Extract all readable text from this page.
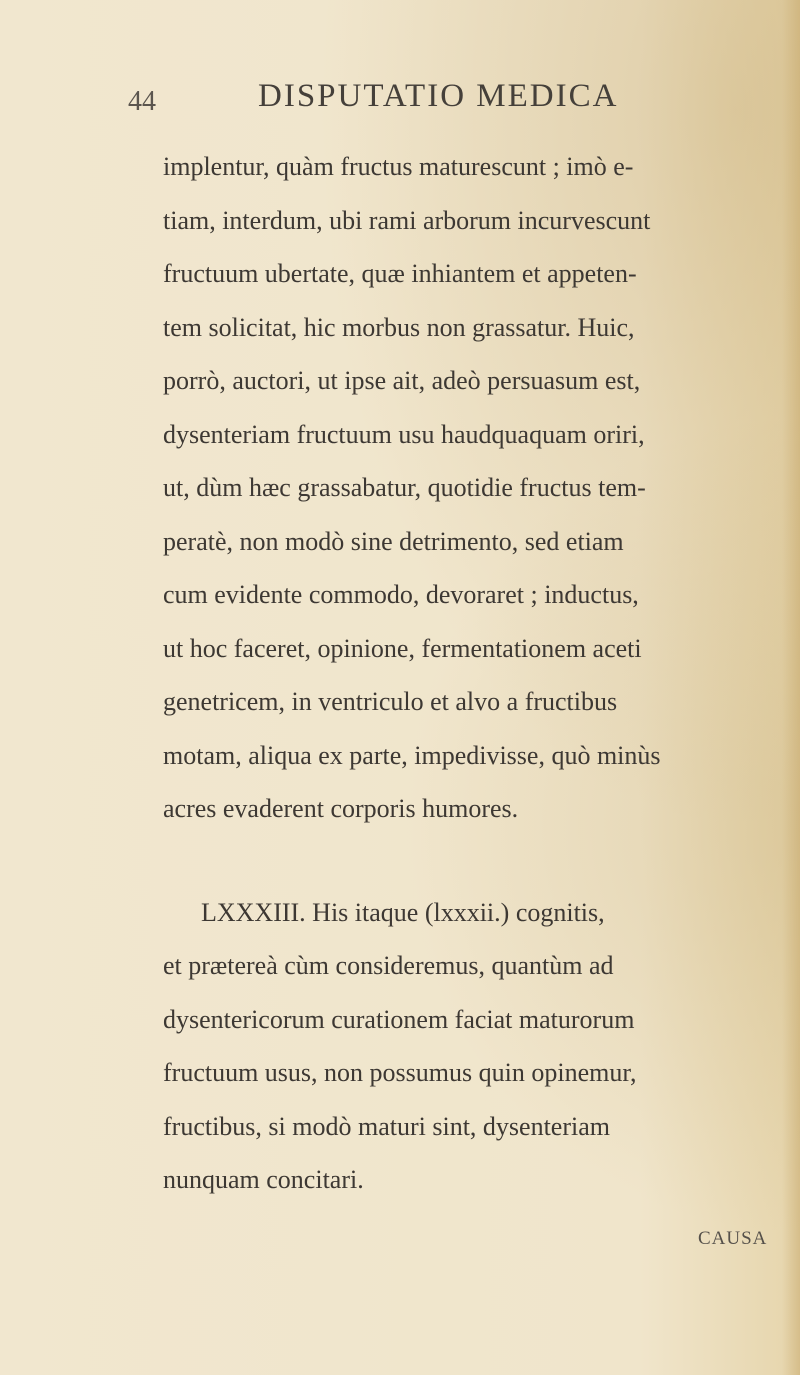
44	DISPUTATIO MEDICA
implentur, quàm fructus maturescunt ; imò e-
tiam, interdum, ubi rami arborum incurvescunt
fructuum ubertate, quæ inhiantem et appeten-
tem solicitat, hic morbus non grassatur. Huic,
porrò, auctori, ut ipse ait, adeò persuasum est,
dysenteriam fructuum usu haudquaquam oriri,
ut, dùm hæc grassabatur, quotidie fructus tem-
peratè, non modò sine detrimento, sed etiam
cum evidente commodo, devoraret ; inductus,
ut hoc faceret, opinione, fermentationem aceti
genetricem, in ventriculo et alvo a fructibus
motam, aliqua ex parte, impedivisse, quò minùs
acres evaderent corporis humores.
LXXXIII. His itaque (lxxxii.) cognitis,
et prætereà cùm consideremus, quantùm ad
dysentericorum curationem faciat maturorum
fructuum usus, non possumus quin opinemur,
fructibus, si modò maturi sint, dysenteriam
nunquam concitari.
CAUSA
